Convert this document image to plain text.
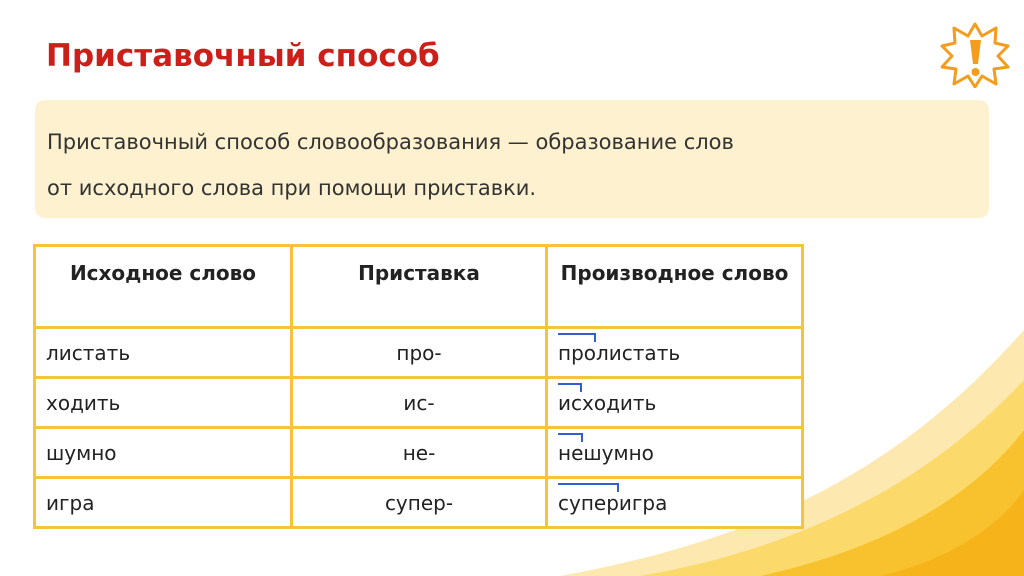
Приставочный способ
Приставочный способ словообразования — образование слов
от исходного слова при помощи приставки.
Исходное слово	Приставка	Производное слово
листать	про-	пролистать

ходить	ис-	исходить

шумно	не-	нешумно

игра	супер-	суперигра
